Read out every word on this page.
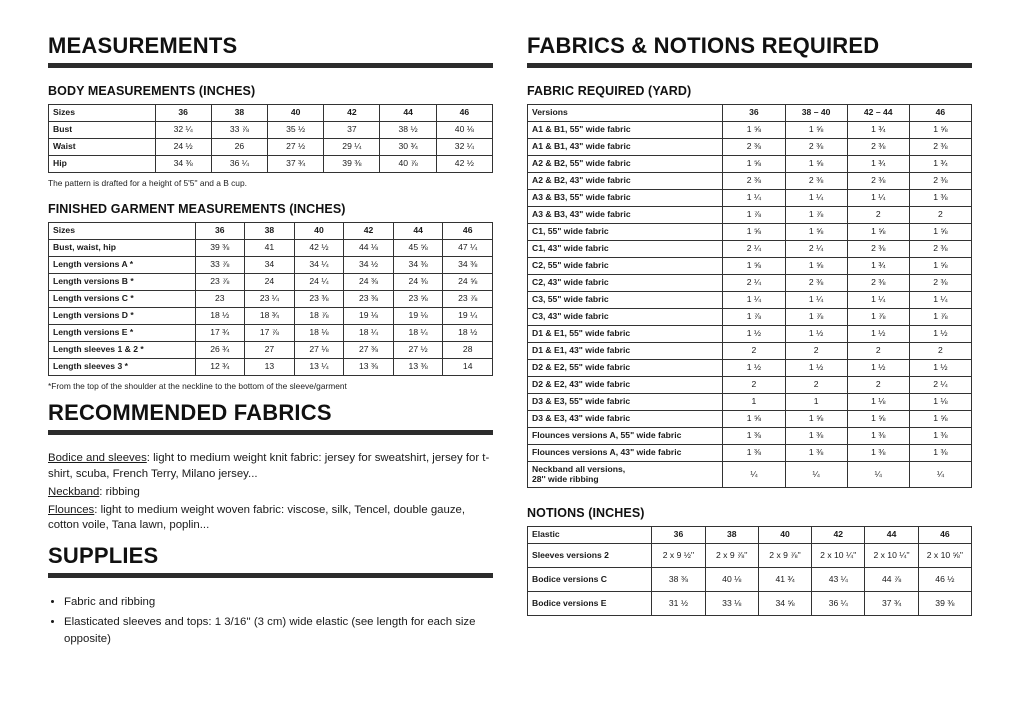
MEASUREMENTS
BODY MEASUREMENTS (INCHES)
Sizes	36	38	40	42	44	46
Bust	32 ¼	33 ⅞	35 ½	37	38 ½	40 ⅛
Waist	24 ½	26	27 ½	29 ¼	30 ¾	32 ¼
Hip	34 ⅜	36 ¼	37 ¾	39 ⅜	40 ⅞	42 ½
The pattern is drafted for a height of 5'5'' and a B cup.
FINISHED GARMENT MEASUREMENTS (INCHES)
Sizes	36	38	40	42	44	46
Bust, waist, hip	39 ⅜	41	42 ½	44 ⅛	45 ⅝	47 ¼
Length versions A *	33 ⅞	34	34 ¼	34 ½	34 ⅜	34 ⅜
Length versions B *	23 ⅞	24	24 ¼	24 ⅜	24 ⅜	24 ⅝
Length versions C *	23	23 ¼	23 ⅜	23 ⅜	23 ⅝	23 ⅞
Length versions D *	18 ½	18 ¾	18 ⅞	19 ⅛	19 ⅛	19 ¼
Length versions E *	17 ¾	17 ⅞	18 ⅛	18 ¼	18 ¼	18 ½
Length sleeves 1 & 2 *	26 ¾	27	27 ⅛	27 ⅜	27 ½	28
Length sleeves 3 *	12 ¾	13	13 ¼	13 ⅜	13 ⅜	14
*From the top of the shoulder at the neckline to the bottom of the sleeve/garment
RECOMMENDED FABRICS

Bodice and sleeves: light to medium weight knit fabric: jersey for sweatshirt, jersey for t-shirt, scuba, French Terry, Milano jersey...

Neckband: ribbing

Flounces: light to medium weight woven fabric: viscose, silk, Tencel, double gauze, cotton voile, Tana lawn, poplin...

SUPPLIES
• Fabric and ribbing
• Elasticated sleeves and tops: 1 3/16'' (3 cm) wide elastic (see length for each size opposite)
FABRICS & NOTIONS REQUIRED
FABRIC REQUIRED (YARD)
Versions	36	38 – 40	42 – 44	46
A1 & B1, 55" wide fabric	1 ⅝	1 ⅝	1 ¾	1 ⅝
A1 & B1, 43" wide fabric	2 ⅜	2 ⅜	2 ⅜	2 ⅜
A2 & B2, 55" wide fabric	1 ⅝	1 ⅝	1 ¾	1 ¾
A2 & B2, 43" wide fabric	2 ⅜	2 ⅜	2 ⅜	2 ⅜
A3 & B3, 55" wide fabric	1 ¼	1 ¼	1 ¼	1 ⅜
A3 & B3, 43" wide fabric	1 ⅞	1 ⅞	2	2
C1, 55" wide fabric	1 ⅝	1 ⅝	1 ⅝	1 ⅝
C1, 43" wide fabric	2 ¼	2 ¼	2 ⅜	2 ⅜
C2, 55" wide fabric	1 ⅝	1 ⅝	1 ¾	1 ⅝
C2, 43" wide fabric	2 ¼	2 ⅜	2 ⅜	2 ⅜
C3, 55" wide fabric	1 ¼	1 ¼	1 ¼	1 ¼
C3, 43" wide fabric	1 ⅞	1 ⅞	1 ⅞	1 ⅞
D1 & E1, 55" wide fabric	1 ½	1 ½	1 ½	1 ½
D1 & E1, 43" wide fabric	2	2	2	2
D2 & E2, 55" wide fabric	1 ½	1 ½	1 ½	1 ½
D2 & E2, 43" wide fabric	2	2	2	2 ¼
D3 & E3, 55" wide fabric	1	1	1 ⅛	1 ⅛
D3 & E3, 43" wide fabric	1 ⅝	1 ⅝	1 ⅝	1 ⅝
Flounces versions A, 55" wide fabric	1 ⅜	1 ⅜	1 ⅜	1 ⅜
Flounces versions A, 43" wide fabric	1 ⅜	1 ⅜	1 ⅜	1 ⅜
Neckband all versions,
28'' wide ribbing	¼	¼	¼	¼
NOTIONS (INCHES)
Elastic	36	38	40	42	44	46
Sleeves versions 2	2 x 9 ½''	2 x 9 ⅞''	2 x 9 ⅞''	2 x 10 ¼''	2 x 10 ¼''	2 x 10 ⅝''
Bodice versions C	38 ⅜	40 ⅛	41 ¾	43 ¼	44 ⅞	46 ½
Bodice versions E	31 ½	33 ⅛	34 ⅝	36 ¼	37 ¾	39 ⅜
